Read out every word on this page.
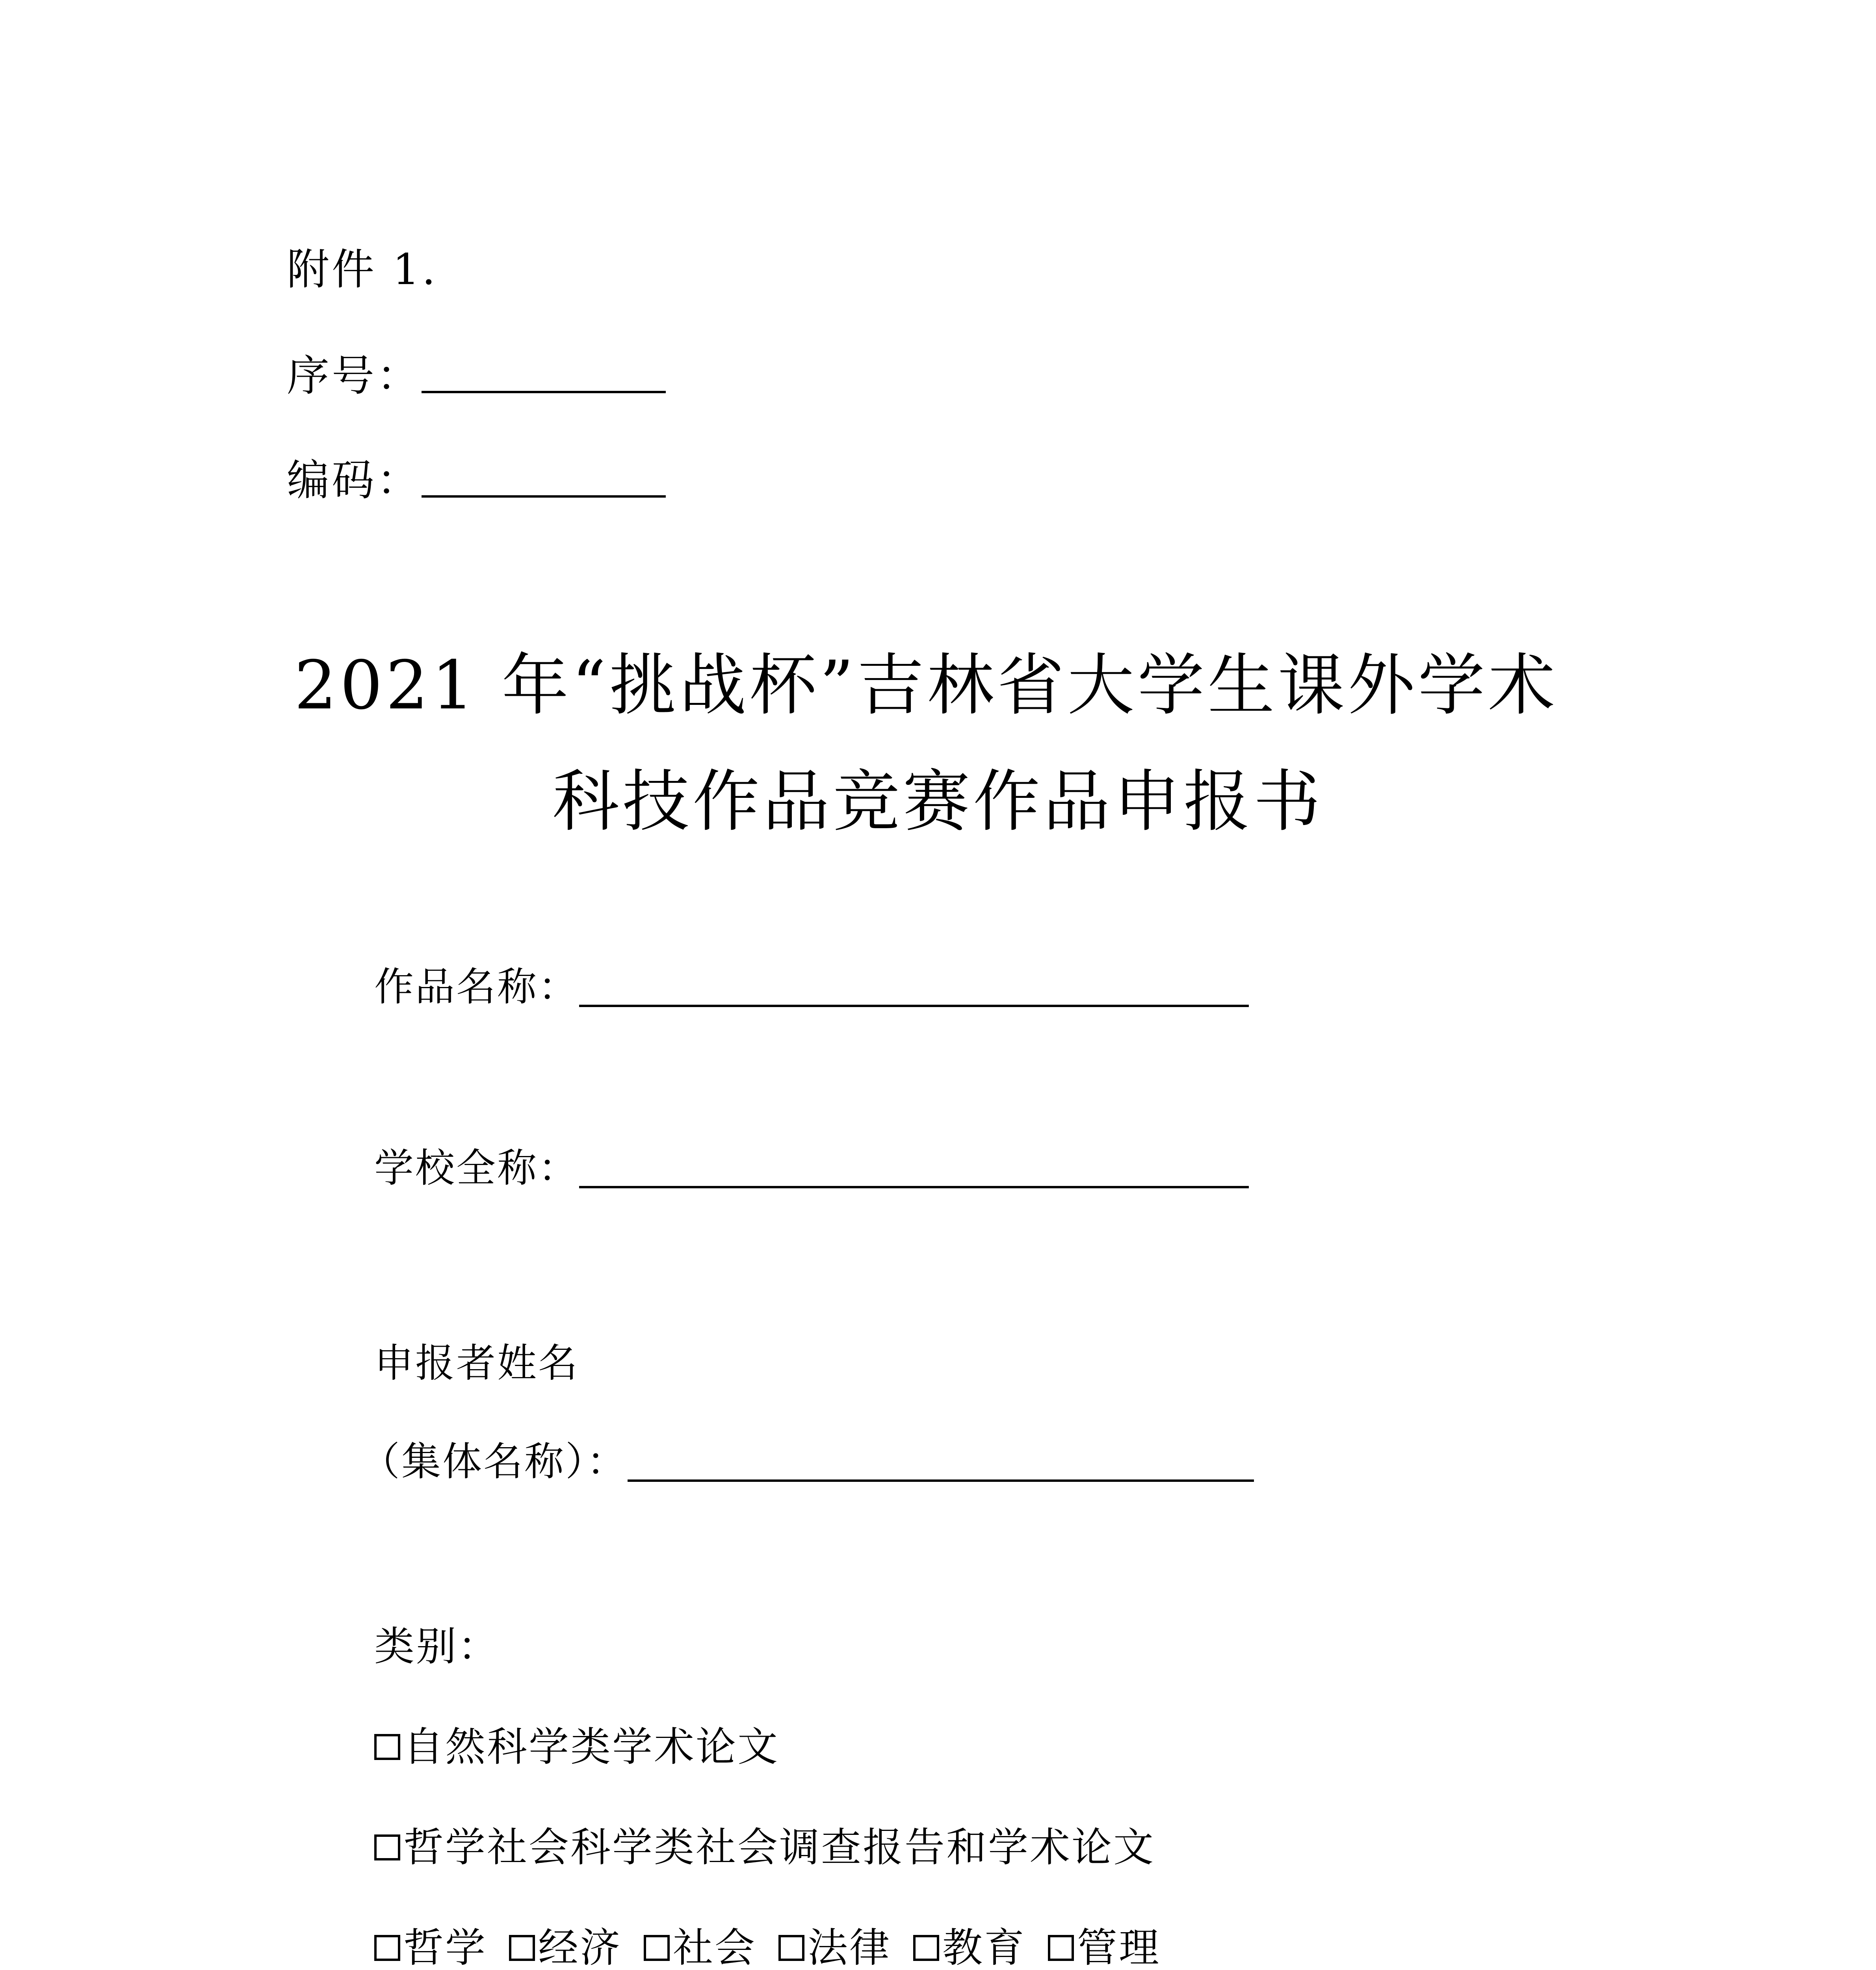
附件 1.
序号：
编码：
2021 年“挑战杯”吉林省大学生课外学术
科技作品竞赛作品申报书
作品名称：
学校全称：
申报者姓名
（集体名称）：
类别：
自然科学类学术论文
哲学社会科学类社会调查报告和学术论文
哲学 经济 社会 法律 教育 管理
